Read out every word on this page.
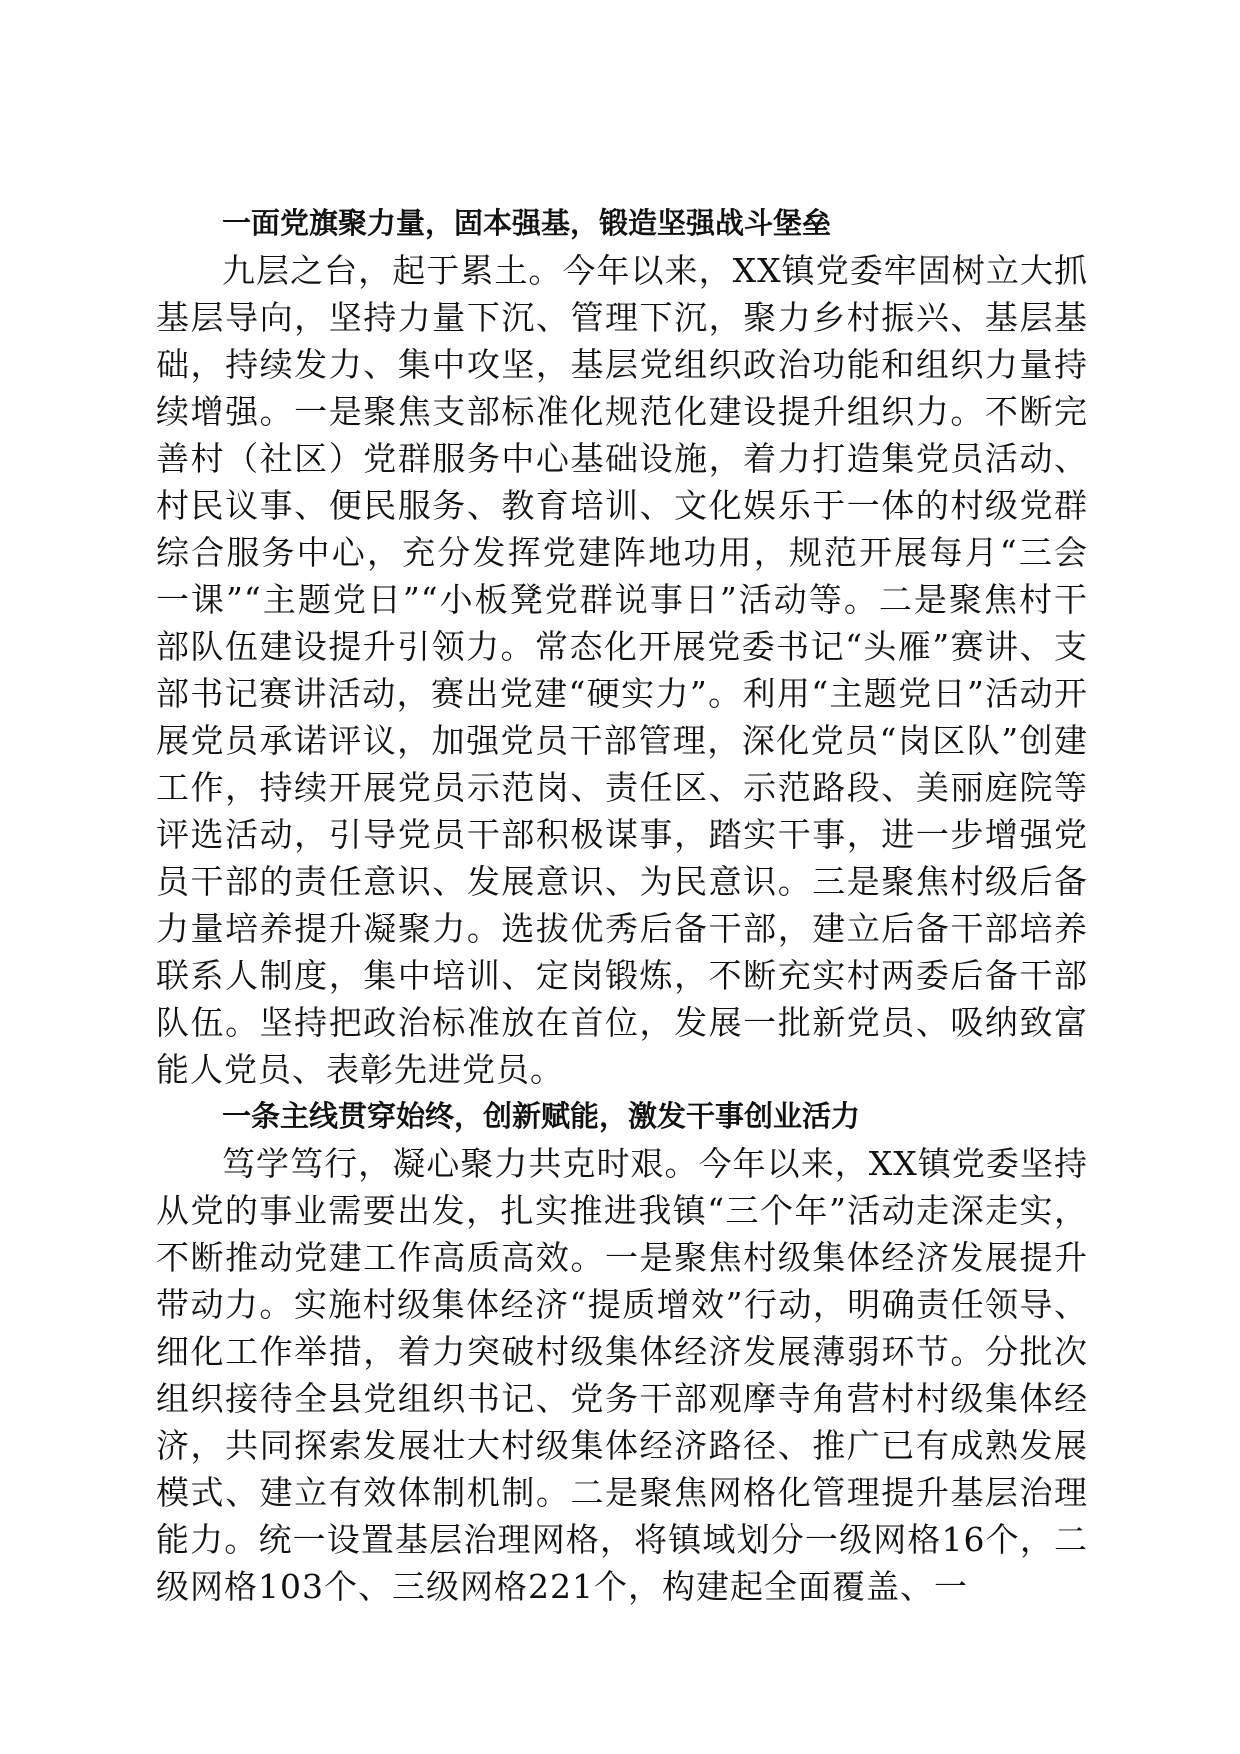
一面党旗聚力量，固本强基，锻造坚强战斗堡垒

九层之台，起于累土。今年以来，XX镇党委牢固树立大抓基层导向，坚持力量下沉、管理下沉，聚力乡村振兴、基层基础，持续发力、集中攻坚，基层党组织政治功能和组织力量持续增强。一是聚焦支部标准化规范化建设提升组织力。不断完善村（社区）党群服务中心基础设施，着力打造集党员活动、村民议事、便民服务、教育培训、文化娱乐于一体的村级党群综合服务中心，充分发挥党建阵地功用，规范开展每月“三会一课”“主题党日”“小板凳党群说事日”活动等。二是聚焦村干部队伍建设提升引领力。常态化开展党委书记“头雁”赛讲、支部书记赛讲活动，赛出党建“硬实力”。利用“主题党日”活动开展党员承诺评议，加强党员干部管理，深化党员“岗区队”创建工作，持续开展党员示范岗、责任区、示范路段、美丽庭院等评选活动，引导党员干部积极谋事，踏实干事，进一步增强党员干部的责任意识、发展意识、为民意识。三是聚焦村级后备力量培养提升凝聚力。选拔优秀后备干部，建立后备干部培养联系人制度，集中培训、定岗锻炼，不断充实村两委后备干部队伍。坚持把政治标准放在首位，发展一批新党员、吸纳致富能人党员、表彰先进党员。

一条主线贯穿始终，创新赋能，激发干事创业活力

笃学笃行，凝心聚力共克时艰。今年以来，XX镇党委坚持从党的事业需要出发，扎实推进我镇“三个年”活动走深走实，不断推动党建工作高质高效。一是聚焦村级集体经济发展提升带动力。实施村级集体经济“提质增效”行动，明确责任领导、细化工作举措，着力突破村级集体经济发展薄弱环节。分批次组织接待全县党组织书记、党务干部观摩寺角营村村级集体经济，共同探索发展壮大村级集体经济路径、推广已有成熟发展模式、建立有效体制机制。二是聚焦网格化管理提升基层治理能力。统一设置基层治理网格，将镇域划分一级网格16个，二级网格103个、三级网格221个，构建起全面覆盖、一
